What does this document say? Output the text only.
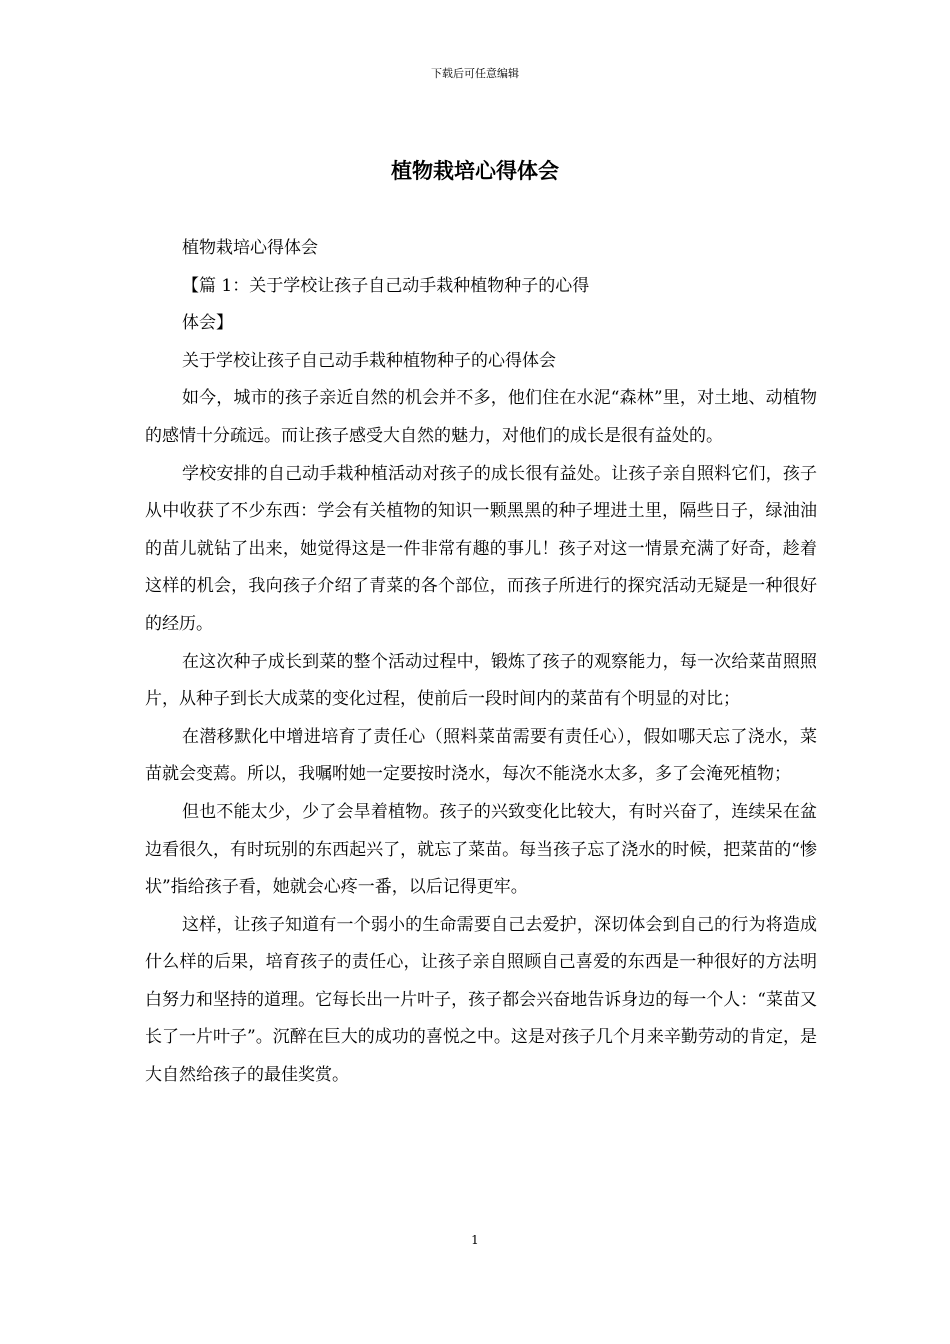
下载后可任意编辑
植物栽培心得体会

植物栽培心得体会

【篇 1：关于学校让孩子自己动手栽种植物种子的心得

体会】

关于学校让孩子自己动手栽种植物种子的心得体会

如今，城市的孩子亲近自然的机会并不多，他们住在水泥“森林”里，对土地、动植物的感情十分疏远。而让孩子感受大自然的魅力，对他们的成长是很有益处的。

学校安排的自己动手栽种植活动对孩子的成长很有益处。让孩子亲自照料它们，孩子从中收获了不少东西：学会有关植物的知识一颗黑黑的种子埋进土里，隔些日子，绿油油的苗儿就钻了出来，她觉得这是一件非常有趣的事儿！孩子对这一情景充满了好奇，趁着这样的机会，我向孩子介绍了青菜的各个部位，而孩子所进行的探究活动无疑是一种很好的经历。

在这次种子成长到菜的整个活动过程中，锻炼了孩子的观察能力，每一次给菜苗照照片，从种子到长大成菜的变化过程，使前后一段时间内的菜苗有个明显的对比；

在潜移默化中增进培育了责任心（照料菜苗需要有责任心），假如哪天忘了浇水，菜苗就会变蔫。所以，我嘱咐她一定要按时浇水，每次不能浇水太多，多了会淹死植物；

但也不能太少，少了会旱着植物。孩子的兴致变化比较大，有时兴奋了，连续呆在盆边看很久，有时玩别的东西起兴了，就忘了菜苗。每当孩子忘了浇水的时候，把菜苗的“惨状”指给孩子看，她就会心疼一番，以后记得更牢。

这样，让孩子知道有一个弱小的生命需要自己去爱护，深切体会到自己的行为将造成什么样的后果，培育孩子的责任心，让孩子亲自照顾自己喜爱的东西是一种很好的方法明白努力和坚持的道理。它每长出一片叶子，孩子都会兴奋地告诉身边的每一个人：“菜苗又长了一片叶子”。沉醉在巨大的成功的喜悦之中。这是对孩子几个月来辛勤劳动的肯定，是大自然给孩子的最佳奖赏。

1
